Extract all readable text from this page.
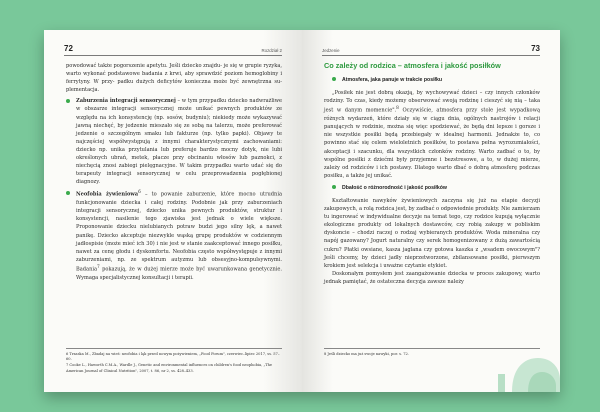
72	Rozdział 2

powodować także pogorszenie apetytu. Jeśli dziecko znajdu- je się w grupie ryzyka, warto wykonać podstawowe badania z krwi, aby sprawdzić poziom hemoglobiny i ferrytyny. W przy- padku dużych deficytów konieczna może być zewnętrzna su- plementacja.

Zaburzenia integracji sensorycznej – w tym przypadku dziecko nadwrażliwe w obszarze integracji sensorycznej może unikać pewnych produktów ze względu na ich konsystencję (np. sosów, budyniu); niekiedy może wykazywać jawną niechęć, by jedzenie mieszało się ze sobą na talerzu, może preferować jedzenie o szczególnym smaku lub fakturze (np. tylko papki). Objawy te najczęściej współwystępują z innymi charakterystycznymi zachowaniami: dziecko np. unika przytulania lub preferuje bardzo mocny dotyk, nie lubi określonych ubrań, metek, płacze przy obcinaniu włosów lub paznokci, z niechęcią znosi zabiegi pielęgnacyjne. W takim przypadku warto udać się do terapeuty integracji sensorycznej w celu przeprowadzenia pogłębionej diagnozy.
Neofobia żywieniowa$^6$ – to powanie zaburzenie, które mocno utrudnia funkcjonowanie dziecka i całej rodziny. Podobnie jak przy zaburzeniach integracji sensorycznej, dziecko unika pewnych produktów, struktur i konsystencji, nasilenie tego zjawiska jest jednak o wiele większe. Proponowanie dziecku nielubianych potraw budzi jego silny lęk, a nawet panikę. Dziecko akceptuje niezwykle wąską grupę produktów w codziennym jadłospisie (może mieć ich 30) i nie jest w stanie zaakceptować innego posiłku, nawet za cenę głodu i dyskomfortu. Neofobia często współwystępuje z innymi zaburzeniami, np. ze spektrum autyzmu lub obsesyjno-kompulsywnymi. Badania$^7$ pokazują, że w dużej mierze może być uwarunkowana genetycznie. Wymaga specjalistycznej konsultacji i terapii.

6 Trzaska M., Zbadaj na wieś: neofobia i lęk przed nowym pożywieniem, „Food Forum", czerwiec–lipiec 2017, ss. 57–60.

7 Cooke L., Haworth C.M.A., Wardle J., Genetic and environmental influences on children's food neophobia, „The American Journal of Clinical Nutrition", 2007, t. 86, nr 2, ss. 428–433.

Jedzenie	73
Co zależy od rodzica – atmosfera i jakość posiłków
Atmosfera, jaka panuje w trakcie posiłku

„Posiłek nie jest dobrą okazją, by wychowywać dzieci – czy innych członków rodziny. To czas, kiedy możemy obserwować swoją rodzinę i cieszyć się nią – taka jest w danym momencie".$^8$ Oczywiście, atmosfera przy stole jest wypadkową różnych wydarzeń, które działy się w ciągu dnia, ogólnych nastrojów i relacji panujących w rodzinie, można się więc spodziewać, że będą dni lepsze i gorsze i nie wszystkie posiłki będą przebiegały w idealnej harmonii. Jednakże to, co powinno stać się celem wieloletnich posiłków, to postawa pełna wyrozumiałości, akceptacji i szacunku, dla wszystkich członków rodziny. Warto zadbać o to, by wspólne posiłki z dziećmi były przyjemne i bezstresowe, a to, w dużej mierze, zależy od rodziców i ich postawy. Dlatego warto dbać o dobrą atmosferę podczas posiłku, a także jej unikać.

Dbałość o różnorodność i jakość posiłków

Kształtowanie nawyków żywieniowych zaczyna się już na etapie decyzji zakupowych, a rolą rodzica jest, by zadbać o odpowiednie produkty. Nie zamierzam tu ingerować w indywidualne decyzje na temat tego, czy rodzice kupują wyłącznie ekologiczne produkty od lokalnych dostawców, czy robią zakupy w pobliskim dyskoncie – chodzi raczej o rodzaj wybieranych produktów. Woda mineralna czy napój gazowany? Jogurt naturalny czy serek homogenizowany z dużą zawartością cukru? Płatki owsiane, kasza jaglana czy gotowa kaszka z „wsadem owocowym"? Jeśli chcemy, by dzieci jadły nieprzetworzone, zbilansowane posiłki, pierwszym krokiem jest selekcja i uważne czytanie etykiet.

Doskonałym pomysłem jest zaangażowanie dziecka w proces zakupowy, warto jednak pamiętać, że ostateczna decyzja zawsze należy

8 Jeśli dziecko ma już swoje nawyki, por. s. 72.
